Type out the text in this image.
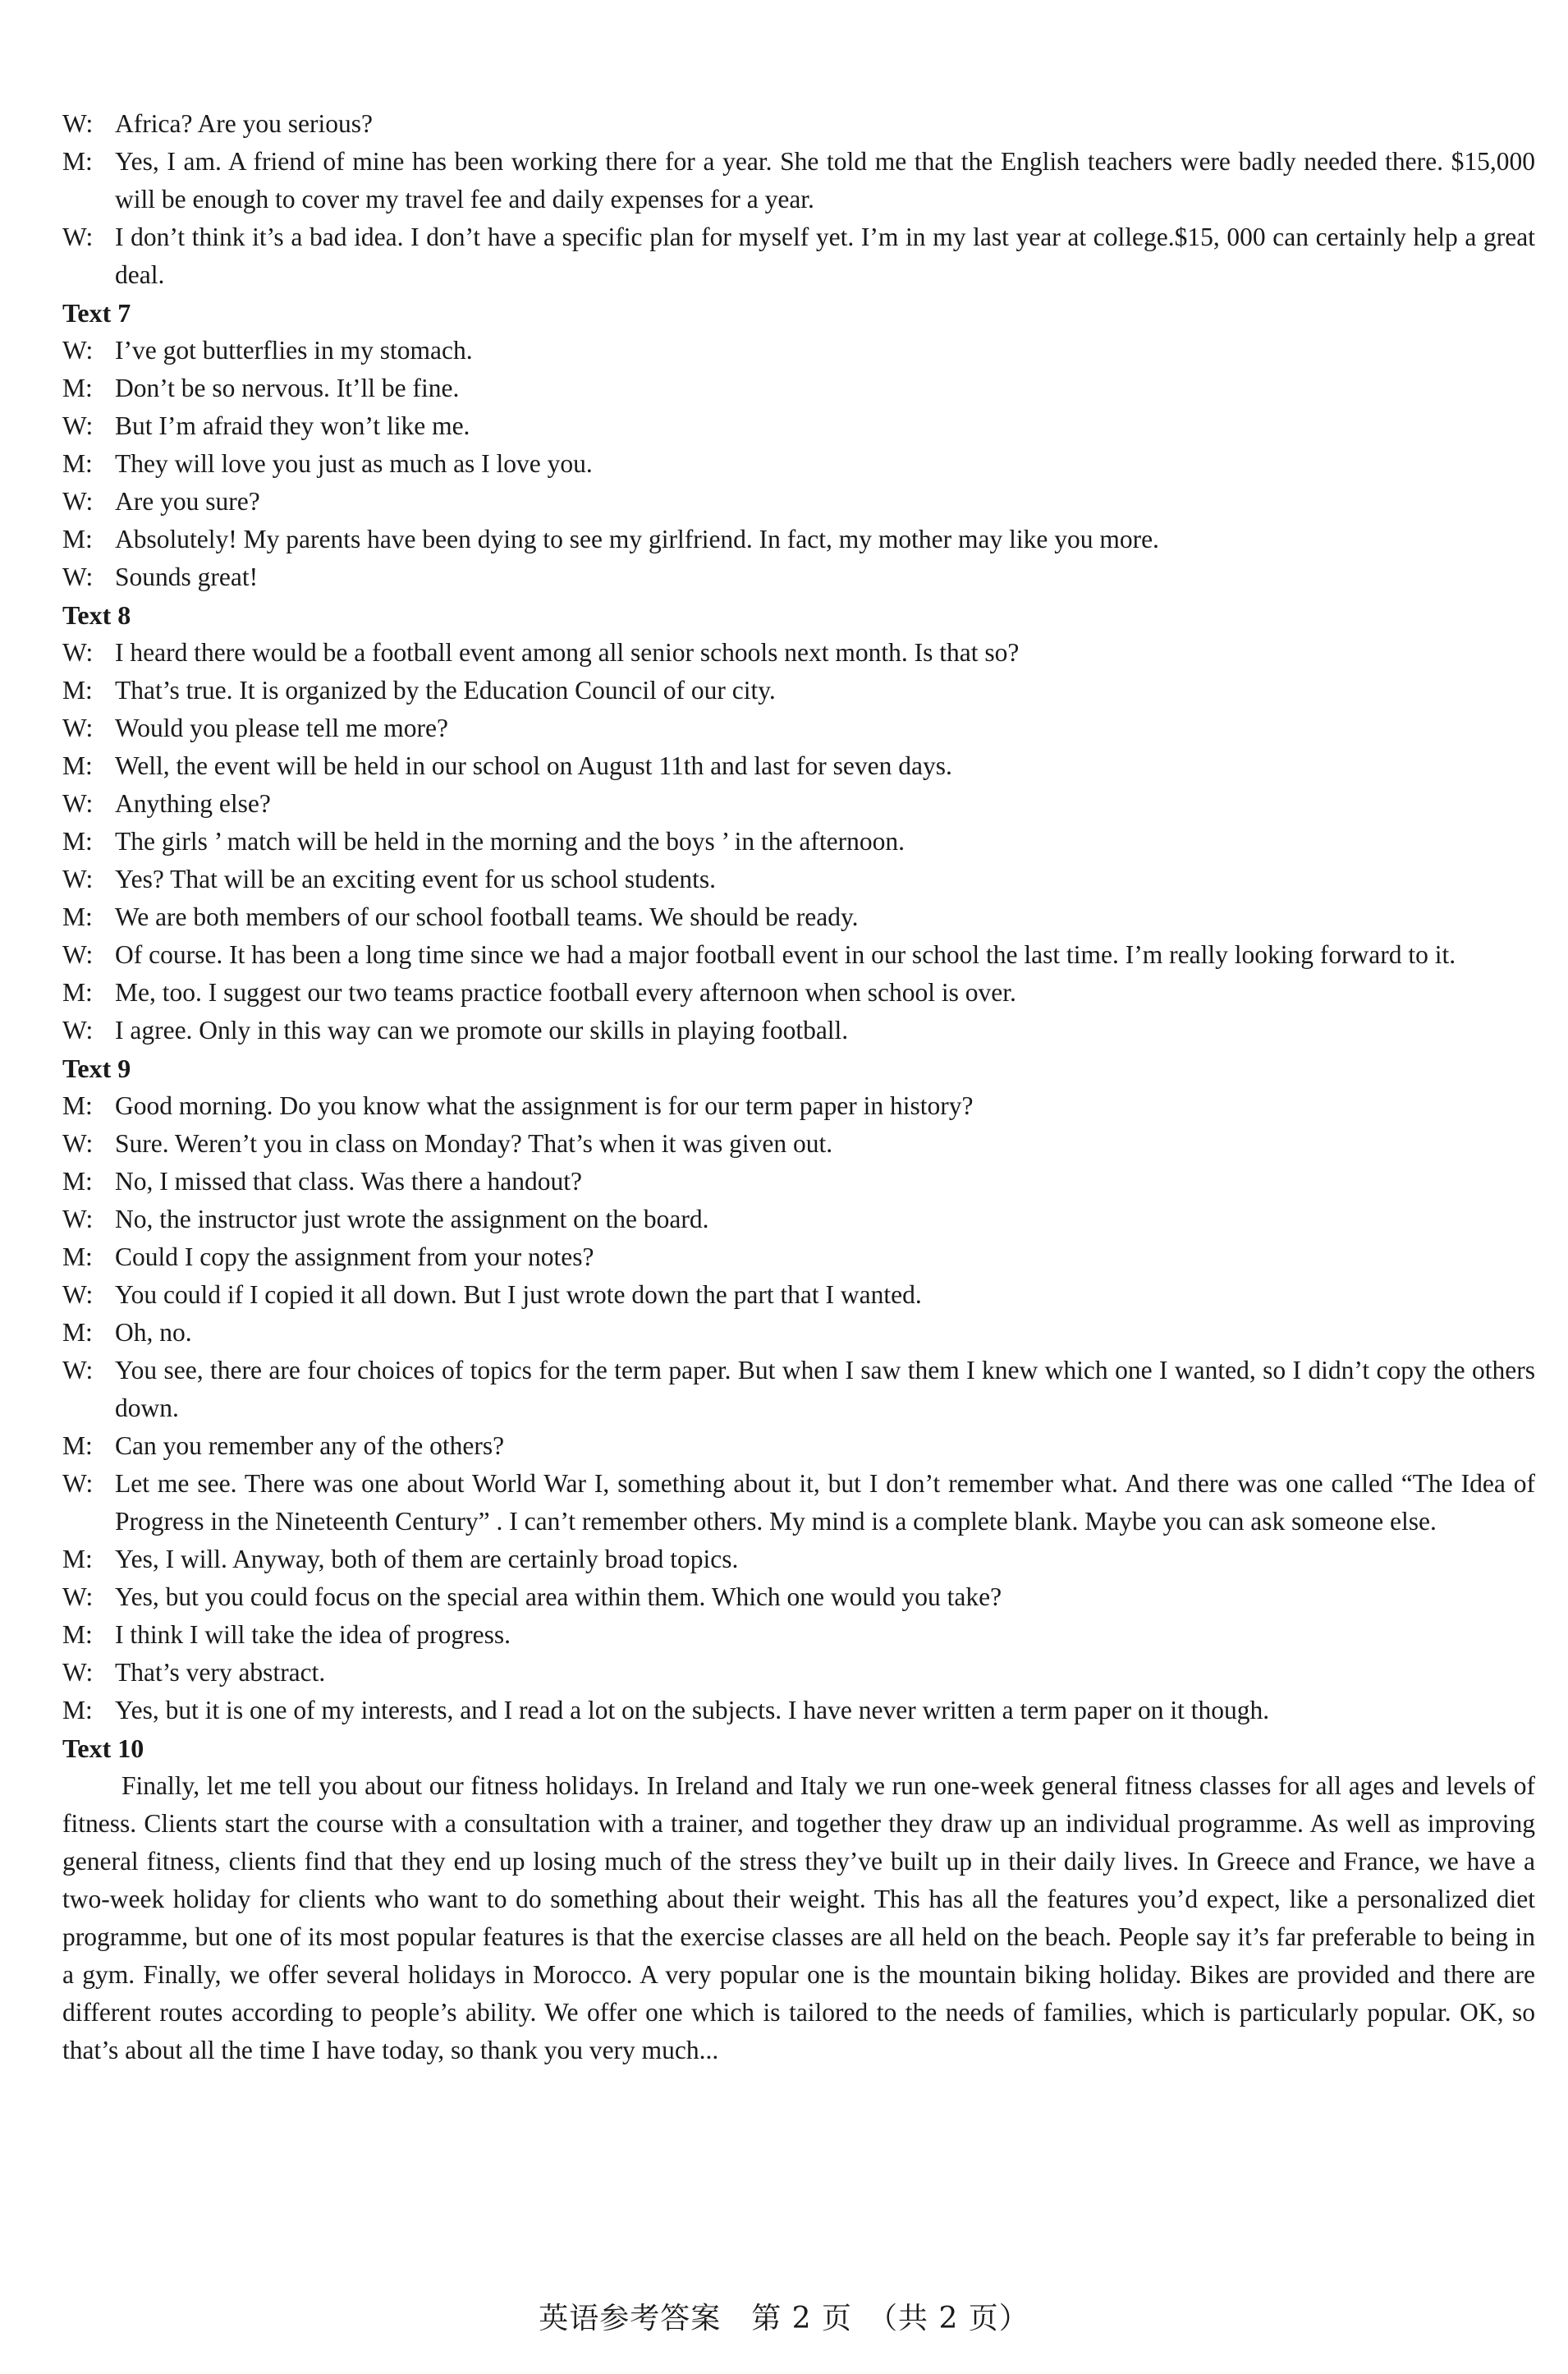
W: Africa? Are you serious?
M: Yes, I am. A friend of mine has been working there for a year. She told me that the English teachers were badly needed there. $15,000 will be enough to cover my travel fee and daily expenses for a year.
W: I don’t think it’s a bad idea. I don’t have a specific plan for myself yet. I’m in my last year at college.$15, 000 can certainly help a great deal.
Text 7
W: I’ve got butterflies in my stomach.
M: Don’t be so nervous. It’ll be fine.
W: But I’m afraid they won’t like me.
M: They will love you just as much as I love you.
W: Are you sure?
M: Absolutely! My parents have been dying to see my girlfriend. In fact, my mother may like you more.
W: Sounds great!
Text 8
W: I heard there would be a football event among all senior schools next month. Is that so?
M: That’s true. It is organized by the Education Council of our city.
W: Would you please tell me more?
M: Well, the event will be held in our school on August 11th and last for seven days.
W: Anything else?
M: The girls ’ match will be held in the morning and the boys ’ in the afternoon.
W: Yes? That will be an exciting event for us school students.
M: We are both members of our school football teams. We should be ready.
W: Of course. It has been a long time since we had a major football event in our school the last time. I’m really looking forward to it.
M: Me, too. I suggest our two teams practice football every afternoon when school is over.
W: I agree. Only in this way can we promote our skills in playing football.
Text 9
M: Good morning. Do you know what the assignment is for our term paper in history?
W: Sure. Weren’t you in class on Monday? That’s when it was given out.
M: No, I missed that class. Was there a handout?
W: No, the instructor just wrote the assignment on the board.
M: Could I copy the assignment from your notes?
W: You could if I copied it all down. But I just wrote down the part that I wanted.
M: Oh, no.
W: You see, there are four choices of topics for the term paper. But when I saw them I knew which one I wanted, so I didn’t copy the others down.
M: Can you remember any of the others?
W: Let me see. There was one about World War I, something about it, but I don’t remember what. And there was one called “The Idea of Progress in the Nineteenth Century” . I can’t remember others. My mind is a complete blank. Maybe you can ask someone else.
M: Yes, I will. Anyway, both of them are certainly broad topics.
W: Yes, but you could focus on the special area within them. Which one would you take?
M: I think I will take the idea of progress.
W: That’s very abstract.
M: Yes, but it is one of my interests, and I read a lot on the subjects. I have never written a term paper on it though.
Text 10
Finally, let me tell you about our fitness holidays. In Ireland and Italy we run one-week general fitness classes for all ages and levels of fitness. Clients start the course with a consultation with a trainer, and together they draw up an individual programme. As well as improving general fitness, clients find that they end up losing much of the stress they’ve built up in their daily lives. In Greece and France, we have a two-week holiday for clients who want to do something about their weight. This has all the features you’d expect, like a personalized diet programme, but one of its most popular features is that the exercise classes are all held on the beach. People say it’s far preferable to being in a gym. Finally, we offer several holidays in Morocco. A very popular one is the mountain biking holiday. Bikes are provided and there are different routes according to people’s ability. We offer one which is tailored to the needs of families, which is particularly popular. OK, so that’s about all the time I have today, so thank you very much...
英语参考答案　第 2 页　（共 2 页）
